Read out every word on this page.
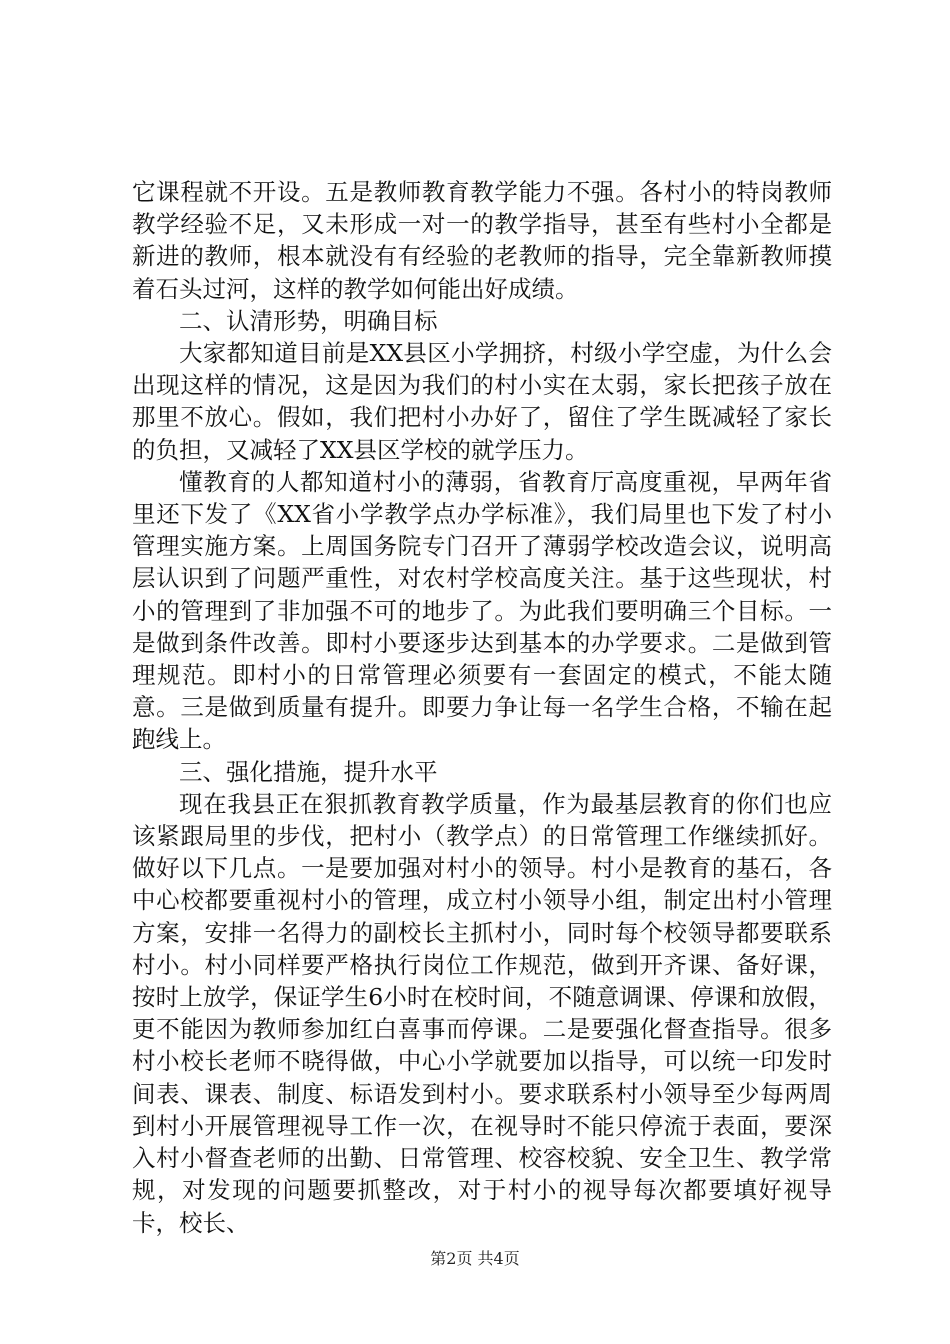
它课程就不开设。五是教师教育教学能力不强。各村小的特岗教师教学经验不足，又未形成一对一的教学指导，甚至有些村小全都是新进的教师，根本就没有有经验的老教师的指导，完全靠新教师摸着石头过河，这样的教学如何能出好成绩。

二、认清形势，明确目标

大家都知道目前是XX县区小学拥挤，村级小学空虚，为什么会出现这样的情况，这是因为我们的村小实在太弱，家长把孩子放在那里不放心。假如，我们把村小办好了，留住了学生既减轻了家长的负担，又减轻了XX县区学校的就学压力。

懂教育的人都知道村小的薄弱，省教育厅高度重视，早两年省里还下发了《XX省小学教学点办学标准》，我们局里也下发了村小管理实施方案。上周国务院专门召开了薄弱学校改造会议，说明高层认识到了问题严重性，对农村学校高度关注。基于这些现状，村小的管理到了非加强不可的地步了。为此我们要明确三个目标。一是做到条件改善。即村小要逐步达到基本的办学要求。二是做到管理规范。即村小的日常管理必须要有一套固定的模式，不能太随意。三是做到质量有提升。即要力争让每一名学生合格，不输在起跑线上。

三、强化措施，提升水平

现在我县正在狠抓教育教学质量，作为最基层教育的你们也应该紧跟局里的步伐，把村小（教学点）的日常管理工作继续抓好。做好以下几点。一是要加强对村小的领导。村小是教育的基石，各中心校都要重视村小的管理，成立村小领导小组，制定出村小管理方案，安排一名得力的副校长主抓村小，同时每个校领导都要联系村小。村小同样要严格执行岗位工作规范，做到开齐课、备好课，按时上放学，保证学生6小时在校时间，不随意调课、停课和放假，更不能因为教师参加红白喜事而停课。二是要强化督查指导。很多村小校长老师不晓得做，中心小学就要加以指导，可以统一印发时间表、课表、制度、标语发到村小。要求联系村小领导至少每两周到村小开展管理视导工作一次，在视导时不能只停流于表面，要深入村小督查老师的出勤、日常管理、校容校貌、安全卫生、教学常规，对发现的问题要抓整改，对于村小的视导每次都要填好视导卡，校长、

第2页 共4页
